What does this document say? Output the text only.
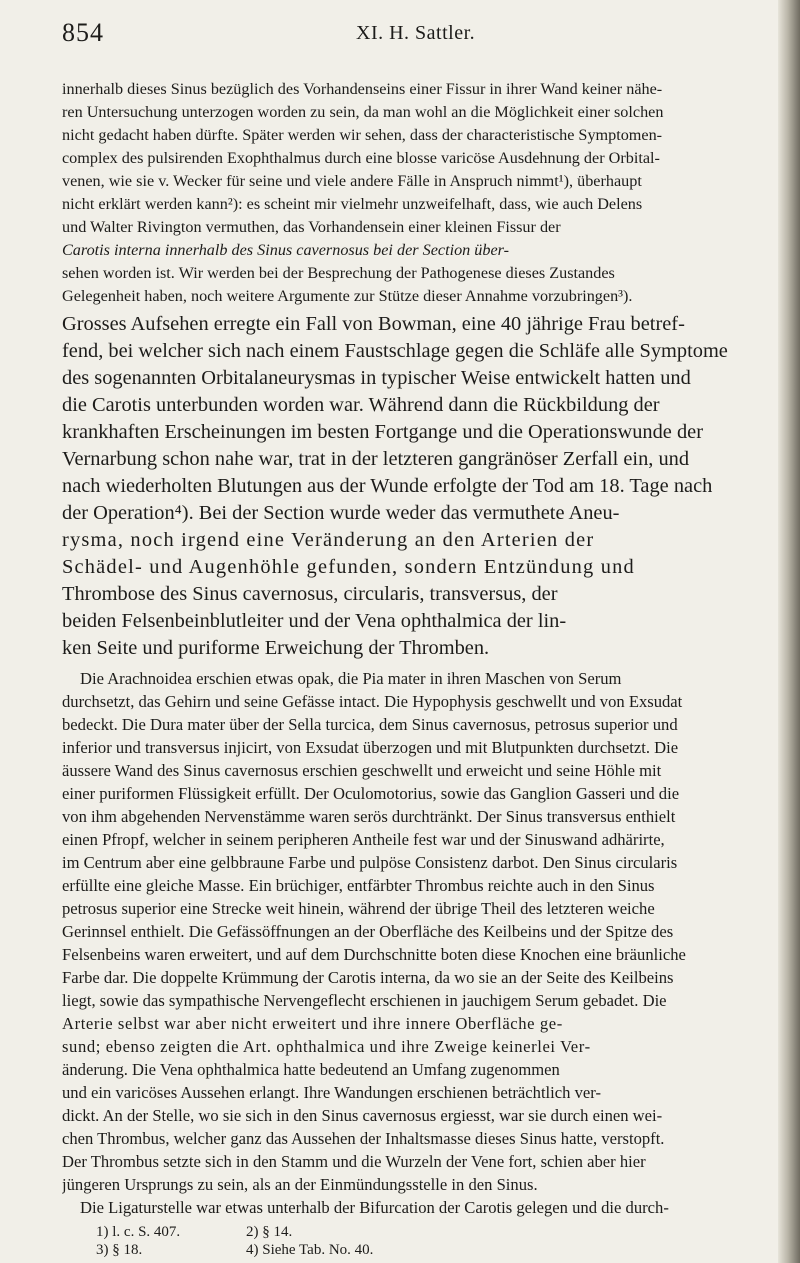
854	XI. H. Sattler.
innerhalb dieses Sinus bezüglich des Vorhandenseins einer Fissur in ihrer Wand keiner nähe-
ren Untersuchung unterzogen worden zu sein, da man wohl an die Möglichkeit einer solchen
nicht gedacht haben dürfte. Später werden wir sehen, dass der characteristische Symptomen-
complex des pulsirenden Exophthalmus durch eine blosse varicöse Ausdehnung der Orbital-
venen, wie sie v. Wecker für seine und viele andere Fälle in Anspruch nimmt¹), überhaupt
nicht erklärt werden kann²): es scheint mir vielmehr unzweifelhaft, dass, wie auch Delens
und Walter Rivington vermuthen, das Vorhandensein einer kleinen Fissur der
Carotis interna innerhalb des Sinus cavernosus bei der Section über-
sehen worden ist. Wir werden bei der Besprechung der Pathogenese dieses Zustandes
Gelegenheit haben, noch weitere Argumente zur Stütze dieser Annahme vorzubringen³).
Grosses Aufsehen erregte ein Fall von Bowman, eine 40 jährige Frau betref-
fend, bei welcher sich nach einem Faustschlage gegen die Schläfe alle Symptome
des sogenannten Orbitalaneurysmas in typischer Weise entwickelt hatten und
die Carotis unterbunden worden war. Während dann die Rückbildung der
krankhaften Erscheinungen im besten Fortgange und die Operationswunde der
Vernarbung schon nahe war, trat in der letzteren gangränöser Zerfall ein, und
nach wiederholten Blutungen aus der Wunde erfolgte der Tod am 18. Tage nach
der Operation⁴). Bei der Section wurde weder das vermuthete Aneu-
rysma, noch irgend eine Veränderung an den Arterien der
Schädel- und Augenhöhle gefunden, sondern Entzündung und
Thrombose des Sinus cavernosus, circularis, transversus, der
beiden Felsenbeinblutleiter und der Vena ophthalmica der lin-
ken Seite und puriforme Erweichung der Thromben.
Die Arachnoidea erschien etwas opak, die Pia mater in ihren Maschen von Serum
durchsetzt, das Gehirn und seine Gefässe intact. Die Hypophysis geschwellt und von Exsudat
bedeckt. Die Dura mater über der Sella turcica, dem Sinus cavernosus, petrosus superior und
inferior und transversus injicirt, von Exsudat überzogen und mit Blutpunkten durchsetzt. Die
äussere Wand des Sinus cavernosus erschien geschwellt und erweicht und seine Höhle mit
einer puriformen Flüssigkeit erfüllt. Der Oculomotorius, sowie das Ganglion Gasseri und die
von ihm abgehenden Nervenstämme waren serös durchtränkt. Der Sinus transversus enthielt
einen Pfropf, welcher in seinem peripheren Antheile fest war und der Sinuswand adhärirte,
im Centrum aber eine gelbbraune Farbe und pulpöse Consistenz darbot. Den Sinus circularis
erfüllte eine gleiche Masse. Ein brüchiger, entfärbter Thrombus reichte auch in den Sinus
petrosus superior eine Strecke weit hinein, während der übrige Theil des letzteren weiche
Gerinnsel enthielt. Die Gefässöffnungen an der Oberfläche des Keilbeins und der Spitze des
Felsenbeins waren erweitert, und auf dem Durchschnitte boten diese Knochen eine bräunliche
Farbe dar. Die doppelte Krümmung der Carotis interna, da wo sie an der Seite des Keilbeins
liegt, sowie das sympathische Nervengeflecht erschienen in jauchigem Serum gebadet. Die
Arterie selbst war aber nicht erweitert und ihre innere Oberfläche ge-
sund; ebenso zeigten die Art. ophthalmica und ihre Zweige keinerlei Ver-
änderung. Die Vena ophthalmica hatte bedeutend an Umfang zugenommen
und ein varicöses Aussehen erlangt. Ihre Wandungen erschienen beträchtlich ver-
dickt. An der Stelle, wo sie sich in den Sinus cavernosus ergiesst, war sie durch einen wei-
chen Thrombus, welcher ganz das Aussehen der Inhaltsmasse dieses Sinus hatte, verstopft.
Der Thrombus setzte sich in den Stamm und die Wurzeln der Vene fort, schien aber hier
jüngeren Ursprungs zu sein, als an der Einmündungsstelle in den Sinus.
Die Ligaturstelle war etwas unterhalb der Bifurcation der Carotis gelegen und die durch-
1) l. c. S. 407.	2) § 14.
3) § 18.	4) Siehe Tab. No. 40.
